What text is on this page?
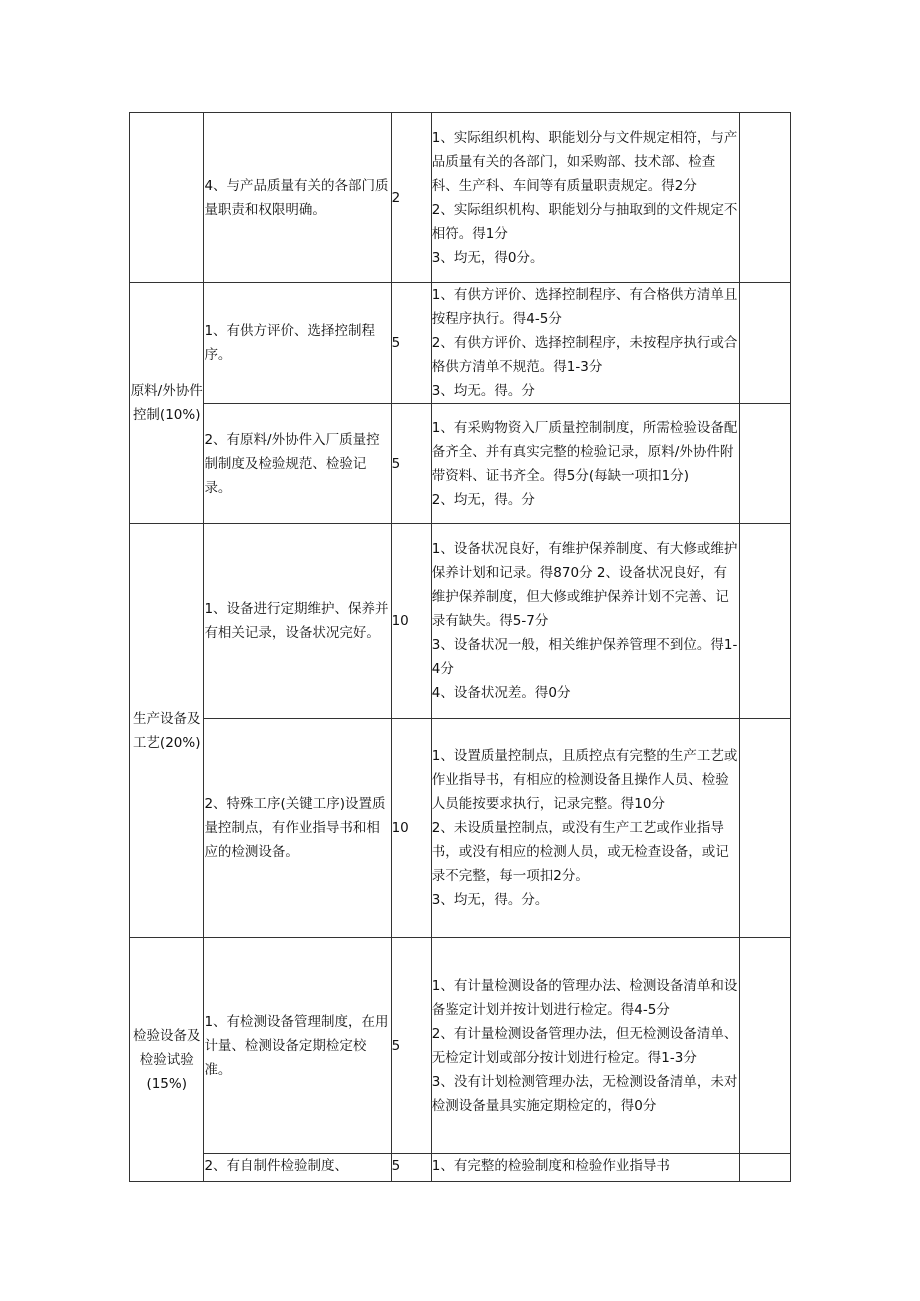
	4、与产品质量有关的各部门质量职责和权限明确。	2	1、实际组织机构、职能划分与文件规定相符，与产品质量有关的各部门，如采购部、技术部、检查科、生产科、车间等有质量职责规定。得2分
2、实际组织机构、职能划分与抽取到的文件规定不相符。得1分
3、均无，得0分。	

原料/外协件控制(10%)	1、有供方评价、选择控制程序。	5	1、有供方评价、选择控制程序、有合格供方清单且按程序执行。得4-5分
2、有供方评价、选择控制程序，未按程序执行或合格供方清单不规范。得1-3分
3、均无。得。分	

	2、有原料/外协件入厂质量控制制度及检验规范、检验记录。	5	1、有采购物资入厂质量控制制度，所需检验设备配备齐全、并有真实完整的检验记录，原料/外协件附带资料、证书齐全。得5分(每缺一项扣1分)
2、均无，得。分	

生产设备及工艺(20%)	1、设备进行定期维护、保养并有相关记录，设备状况完好。	10	1、设备状况良好，有维护保养制度、有大修或维护保养计划和记录。得870分 2、设备状况良好，有维护保养制度，但大修或维护保养计划不完善、记录有缺失。得5-7分
3、设备状况一般，相关维护保养管理不到位。得1-4分
4、设备状况差。得0分	

	2、特殊工序(关键工序)设置质量控制点，有作业指导书和相应的检测设备。	10	1、设置质量控制点，且质控点有完整的生产工艺或作业指导书，有相应的检测设备且操作人员、检验人员能按要求执行，记录完整。得10分
2、未设质量控制点，或没有生产工艺或作业指导书，或没有相应的检测人员，或无检查设备，或记录不完整，每一项扣2分。
3、均无，得。分。	

检验设备及检验试验(15%)	1、有检测设备管理制度，在用计量、检测设备定期检定校准。	5	1、有计量检测设备的管理办法、检测设备清单和设备鉴定计划并按计划进行检定。得4-5分
2、有计量检测设备管理办法，但无检测设备清单、无检定计划或部分按计划进行检定。得1-3分
3、没有计划检测管理办法，无检测设备清单，未对检测设备量具实施定期检定的，得0分	

	2、有自制件检验制度、	5	1、有完整的检验制度和检验作业指导书	
